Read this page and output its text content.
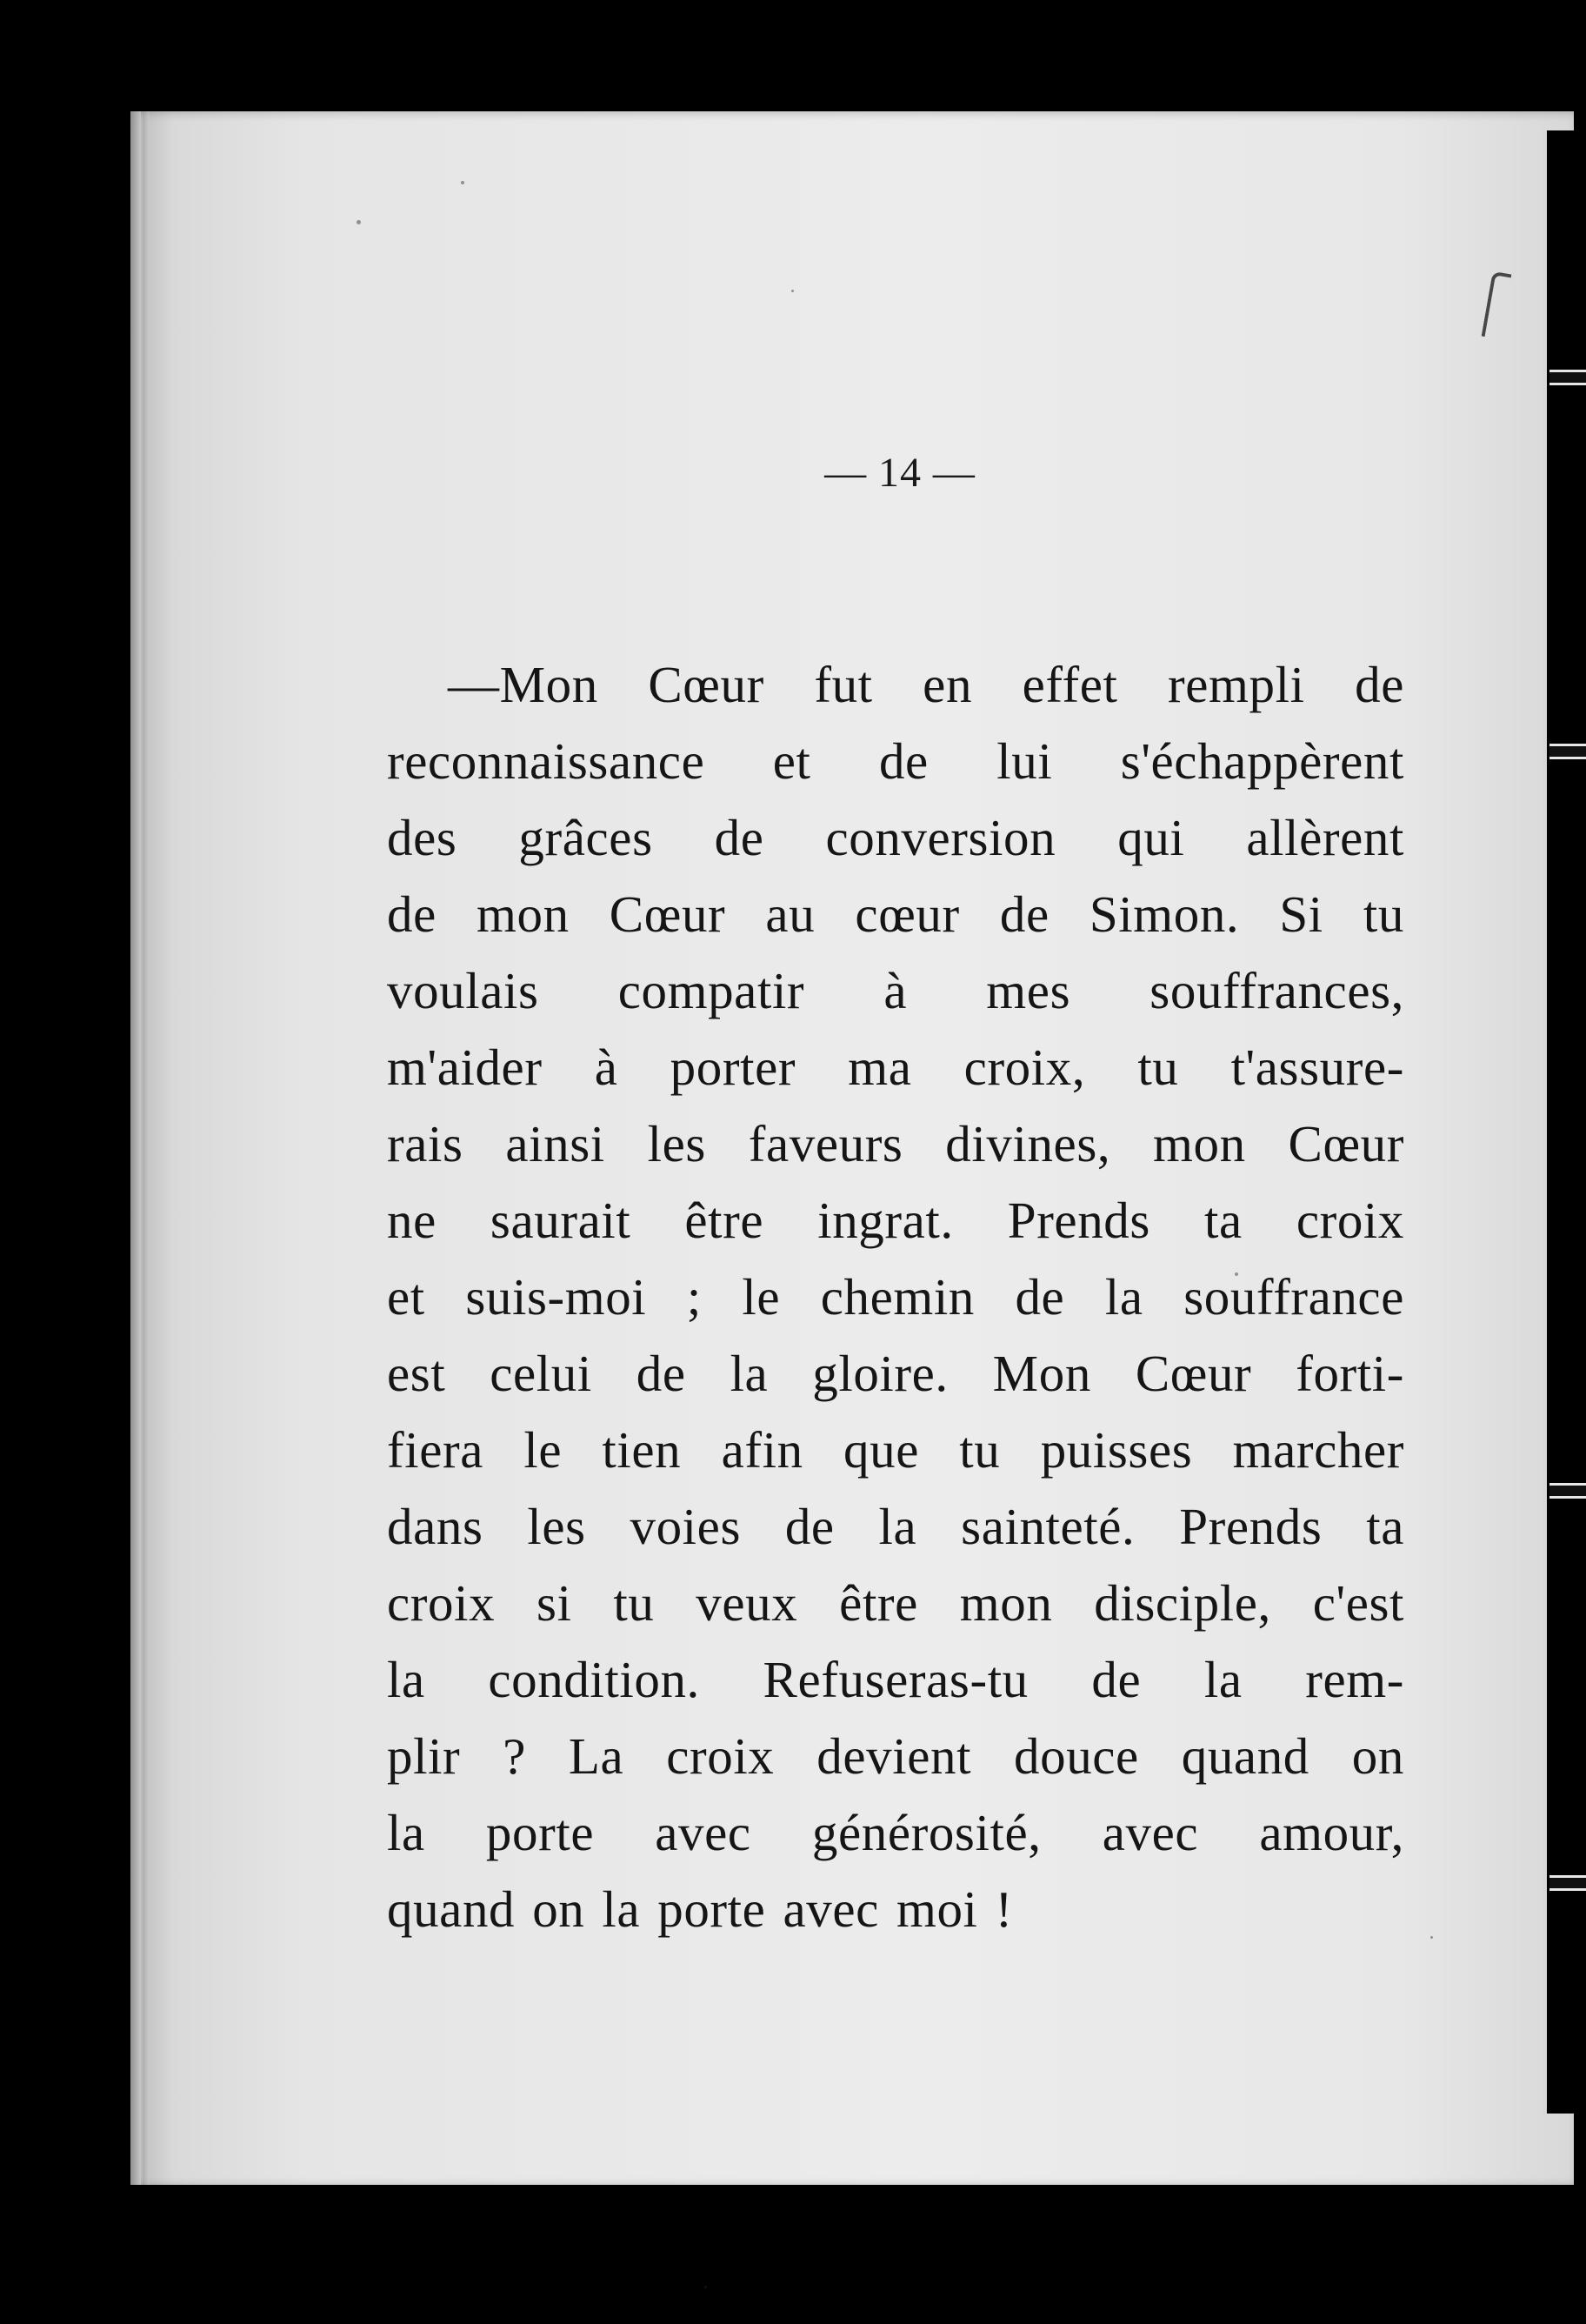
— 14 —
—Mon Cœur fut en effet rempli de
reconnaissance et de lui s'échappèrent
des grâces de conversion qui allèrent
de mon Cœur au cœur de Simon. Si tu
voulais compatir à mes souffrances,
m'aider à porter ma croix, tu t'assure-
rais ainsi les faveurs divines, mon Cœur
ne saurait être ingrat. Prends ta croix
et suis-moi ; le chemin de la souffrance
est celui de la gloire. Mon Cœur forti-
fiera le tien afin que tu puisses marcher
dans les voies de la sainteté. Prends ta
croix si tu veux être mon disciple, c'est
la condition. Refuseras-tu de la rem-
plir ? La croix devient douce quand on
la porte avec générosité, avec amour,
quand on la porte avec moi !
